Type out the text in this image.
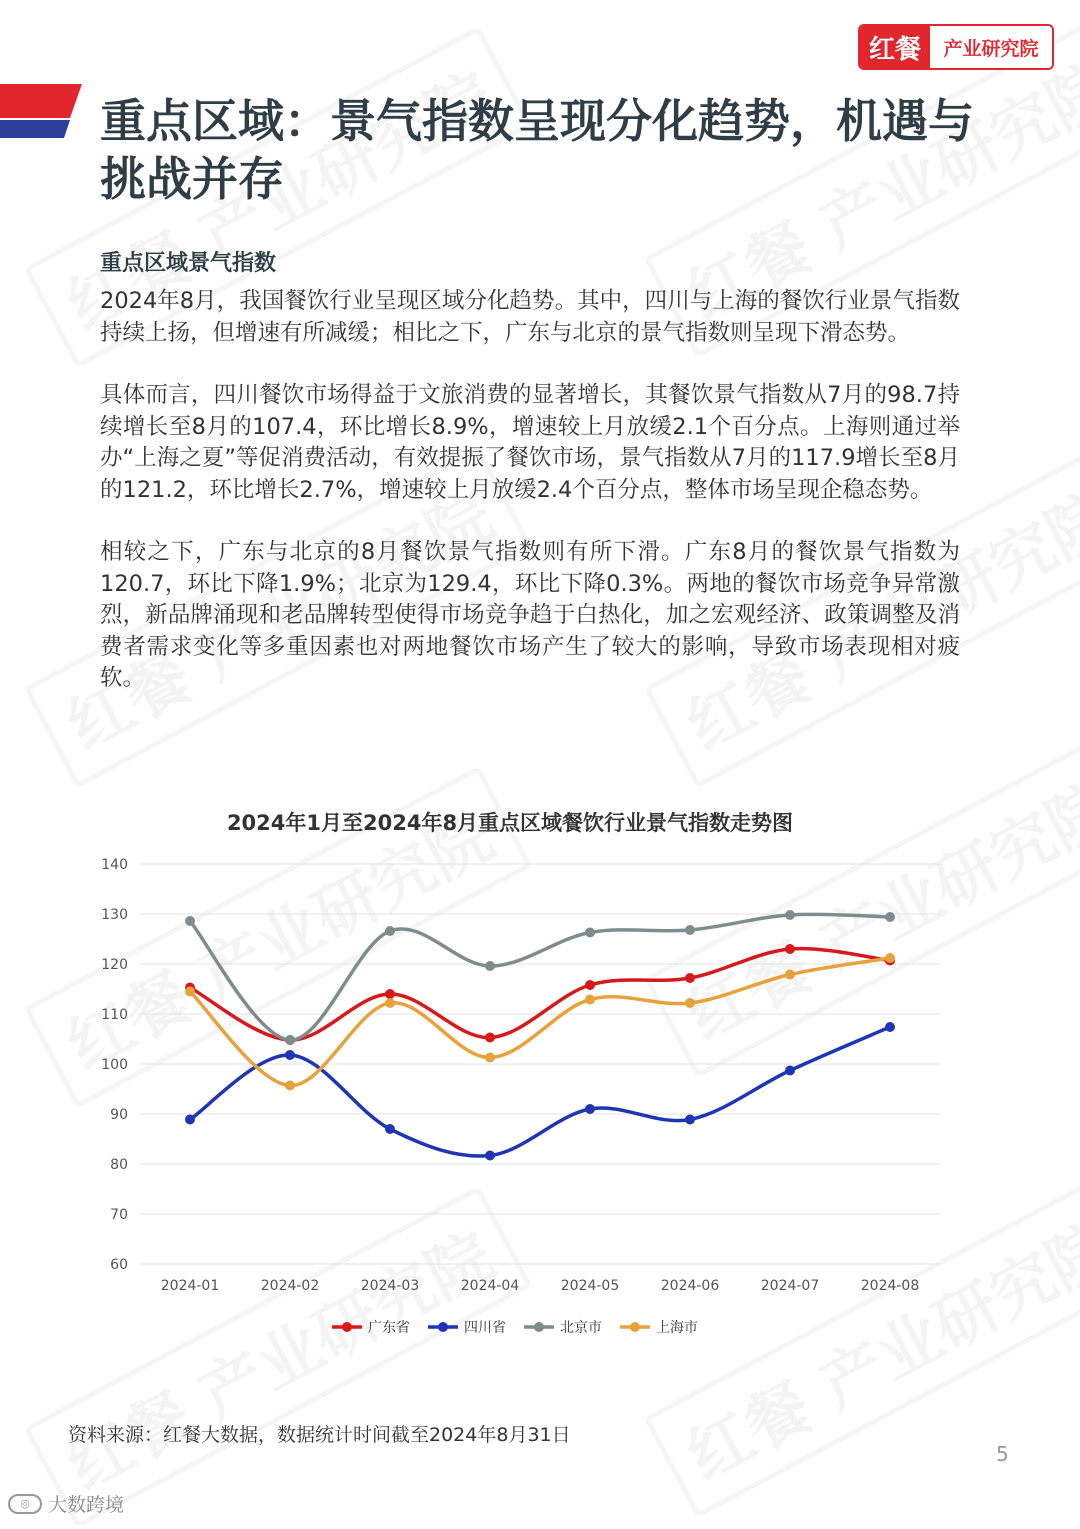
红餐	产业研究院
重点区域：景气指数呈现分化趋势，机遇与挑战并存
重点区域景气指数

2024年8月，我国餐饮行业呈现区域分化趋势。其中，四川与上海的餐饮行业景气指数持续上扬，但增速有所减缓；相比之下，广东与北京的景气指数则呈现下滑态势。

具体而言，四川餐饮市场得益于文旅消费的显著增长，其餐饮景气指数从7月的98.7持续增长至8月的107.4，环比增长8.9%，增速较上月放缓2.1个百分点。上海则通过举办“上海之夏”等促消费活动，有效提振了餐饮市场，景气指数从7月的117.9增长至8月的121.2，环比增长2.7%，增速较上月放缓2.4个百分点，整体市场呈现企稳态势。

相较之下，广东与北京的8月餐饮景气指数则有所下滑。广东8月的餐饮景气指数为120.7，环比下降1.9%；北京为129.4，环比下降0.3%。两地的餐饮市场竞争异常激烈，新品牌涌现和老品牌转型使得市场竞争趋于白热化，加之宏观经济、政策调整及消费者需求变化等多重因素也对两地餐饮市场产生了较大的影响，导致市场表现相对疲软。

2024年1月至2024年8月重点区域餐饮行业景气指数走势图
60
70
80
90
100
110
120
130
140
2024-01	2024-02	2024-03	2024-04	2024-05	2024-06	2024-07	2024-08
广东省	四川省	北京市	上海市
资料来源：红餐大数据，数据统计时间截至2024年8月31日
5
◎ 大数跨境
